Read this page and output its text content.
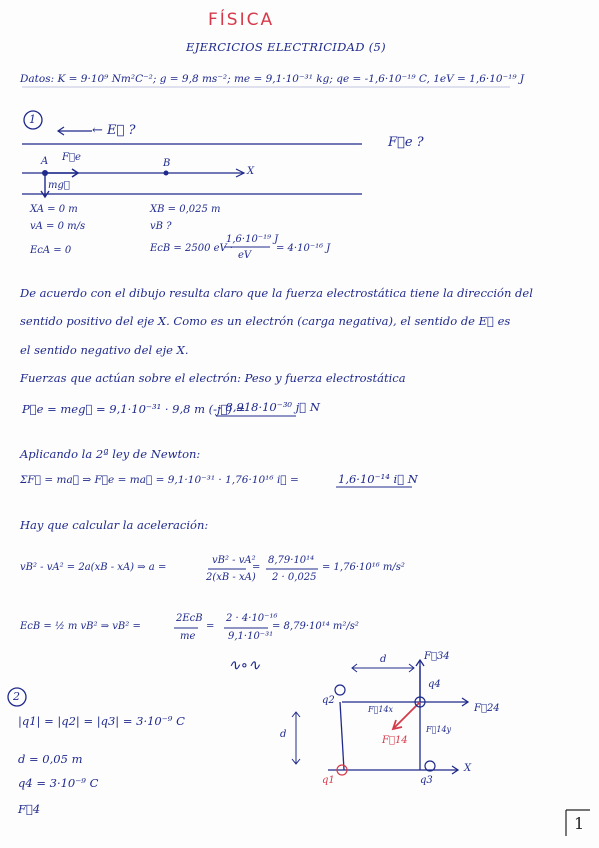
FÍSICA
EJERCICIOS ELECTRICIDAD (5)
Datos: K = 9·10⁹ Nm²C⁻²; g = 9,8 ms⁻²; me = 9,1·10⁻³¹ kg; qe = -1,6·10⁻¹⁹ C, 1eV = 1,6·10⁻¹⁹ J
1
← E⃗ ?
F⃗e ?
A	B
X
F⃗e
mg⃗
XA = 0 m
vA = 0 m/s
EcA = 0
XB = 0,025 m
vB ?
EcB = 2500 eV ·
1,6·10⁻¹⁹ J
eV
= 4·10⁻¹⁶ J
De acuerdo con el dibujo resulta claro que la fuerza electrostática tiene la dirección del
sentido positivo del eje X. Como es un electrón (carga negativa), el sentido de E⃗ es
el sentido negativo del eje X.
Fuerzas que actúan sobre el electrón: Peso y fuerza electrostática
P⃗e = meg⃗ = 9,1·10⁻³¹ · 9,8 m (-j⃗) =
- 8,918·10⁻³⁰ j⃗ N
Aplicando la 2ª ley de Newton:
ΣF⃗ = ma⃗ ⇒ F⃗e = ma⃗ = 9,1·10⁻³¹ · 1,76·10¹⁶ i⃗ =	1,6·10⁻¹⁴ i⃗ N
Hay que calcular la aceleración:
vB² - vA² = 2a(xB - xA) ⇒ a =
vB² - vA²
2(xB - xA)
=
8,79·10¹⁴
2 · 0,025
= 1,76·10¹⁶ m/s²
EcB = ½ m vB² ⇒ vB² =
2EcB
me
=
2 · 4·10⁻¹⁶
9,1·10⁻³¹
= 8,79·10¹⁴ m²/s²
∿∘∿
2
|q1| = |q2| = |q3| = 3·10⁻⁹ C
d = 0,05 m
q4 = 3·10⁻⁹ C
F⃗4
d
d
q1
q2
q3
q4
F⃗24
F⃗34
F⃗14x
F⃗14y
F⃗14
X
1
